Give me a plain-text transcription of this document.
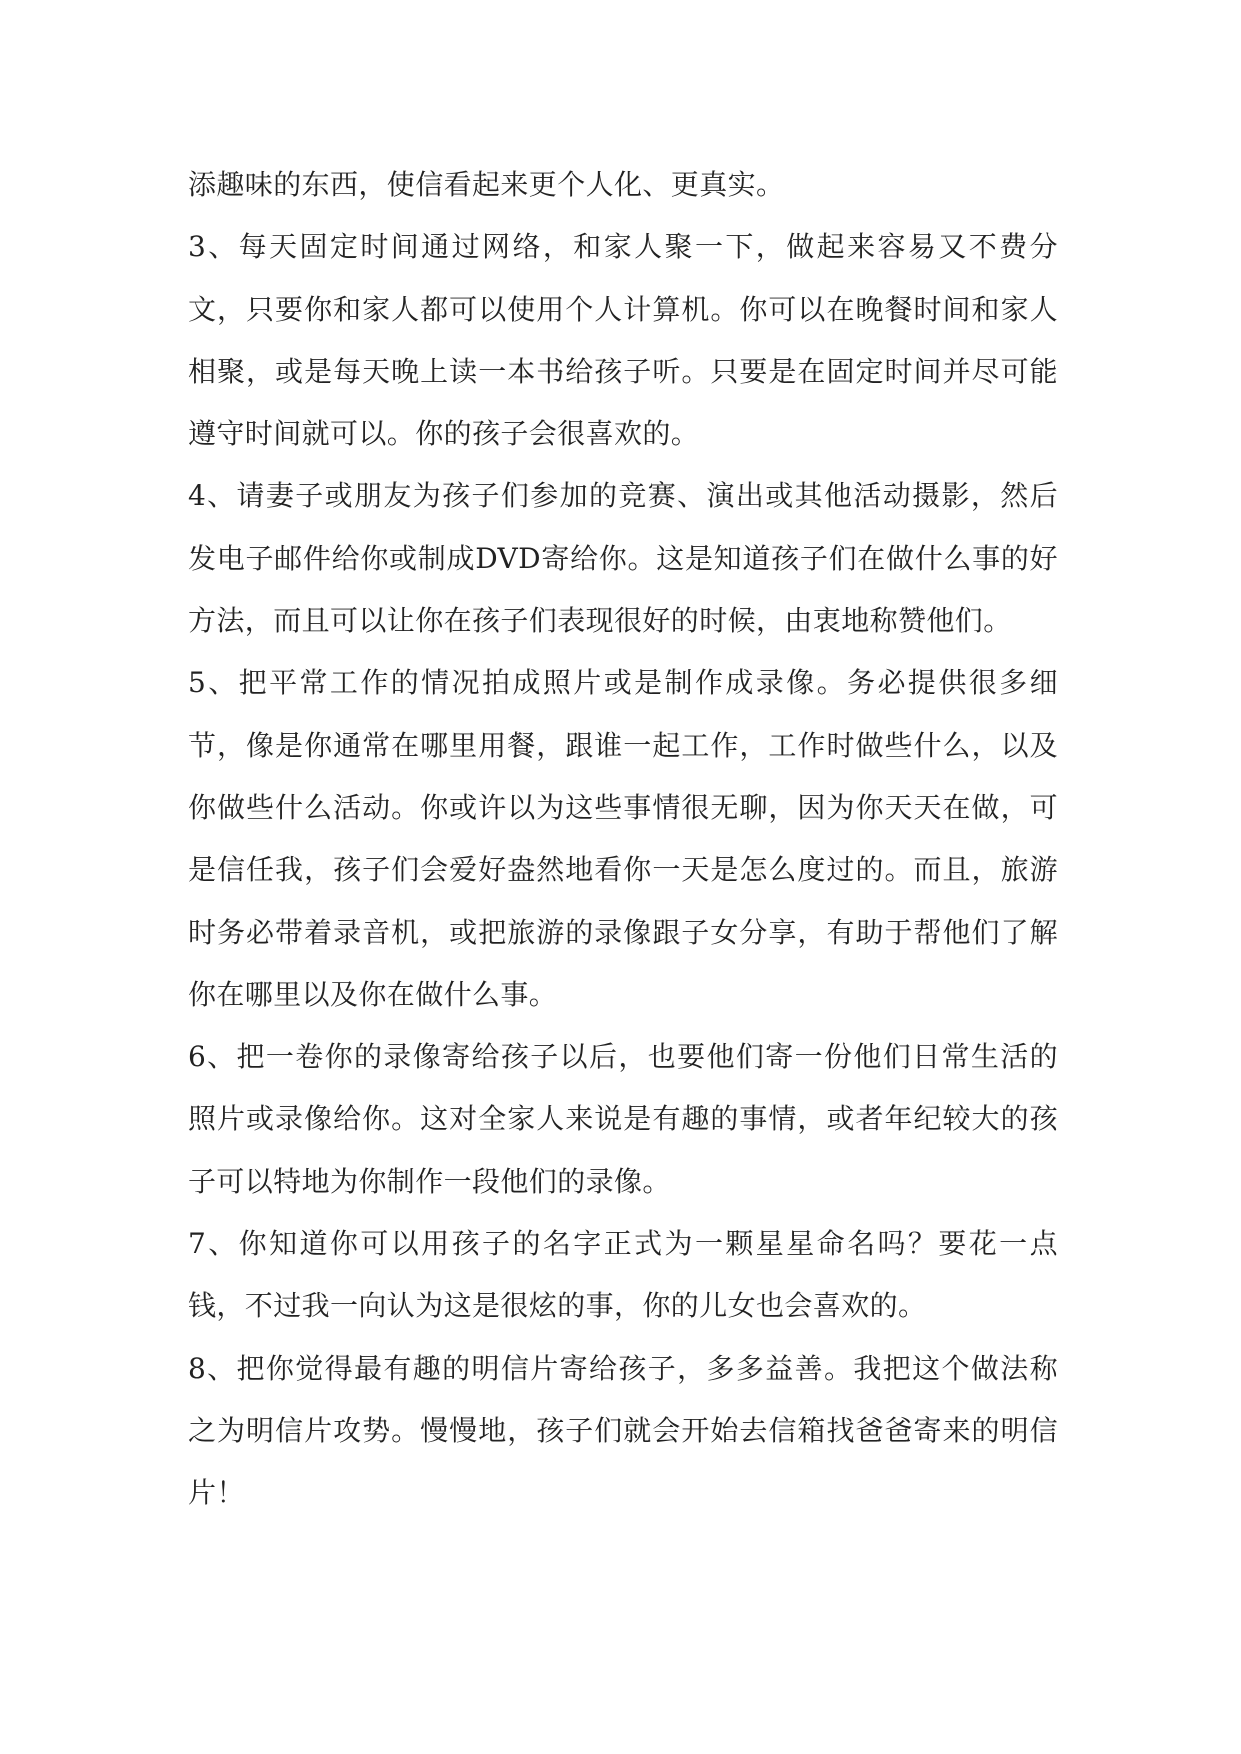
添趣味的东西，使信看起来更个人化、更真实。

3、每天固定时间通过网络，和家人聚一下，做起来容易又不费分文，只要你和家人都可以使用个人计算机。你可以在晚餐时间和家人相聚，或是每天晚上读一本书给孩子听。只要是在固定时间并尽可能遵守时间就可以。你的孩子会很喜欢的。

4、请妻子或朋友为孩子们参加的竞赛、演出或其他活动摄影，然后发电子邮件给你或制成DVD寄给你。这是知道孩子们在做什么事的好方法，而且可以让你在孩子们表现很好的时候，由衷地称赞他们。

5、把平常工作的情况拍成照片或是制作成录像。务必提供很多细节，像是你通常在哪里用餐，跟谁一起工作，工作时做些什么，以及你做些什么活动。你或许以为这些事情很无聊，因为你天天在做，可是信任我，孩子们会爱好盎然地看你一天是怎么度过的。而且，旅游时务必带着录音机，或把旅游的录像跟子女分享，有助于帮他们了解你在哪里以及你在做什么事。

6、把一卷你的录像寄给孩子以后，也要他们寄一份他们日常生活的照片或录像给你。这对全家人来说是有趣的事情，或者年纪较大的孩子可以特地为你制作一段他们的录像。

7、你知道你可以用孩子的名字正式为一颗星星命名吗？要花一点钱，不过我一向认为这是很炫的事，你的儿女也会喜欢的。

8、把你觉得最有趣的明信片寄给孩子，多多益善。我把这个做法称之为明信片攻势。慢慢地，孩子们就会开始去信箱找爸爸寄来的明信片！
